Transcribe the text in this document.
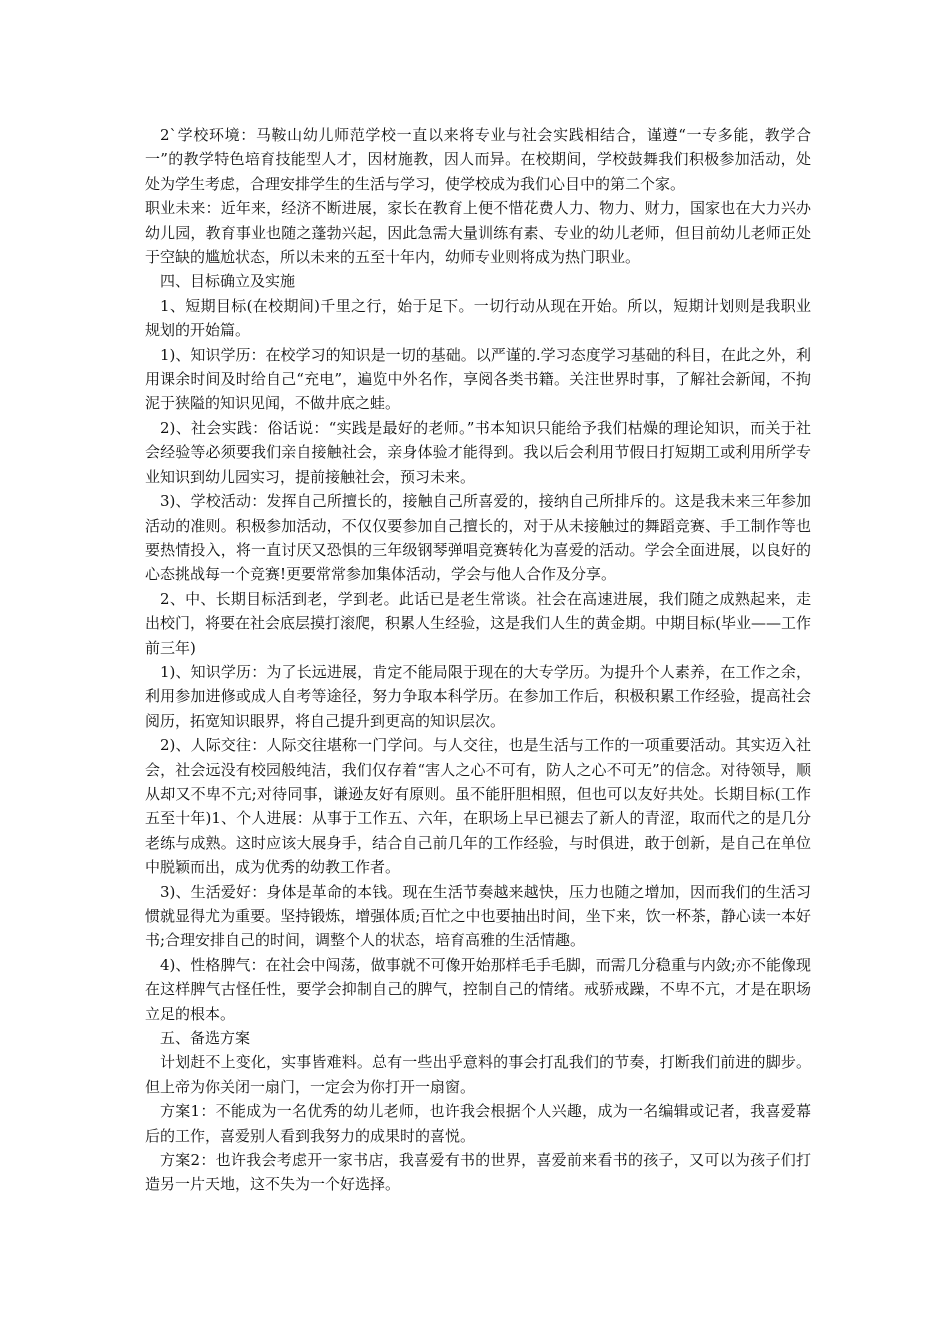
2`学校环境：马鞍山幼儿师范学校一直以来将专业与社会实践相结合，谨遵“一专多能，教学合一”的教学特色培育技能型人才，因材施教，因人而异。在校期间，学校鼓舞我们积极参加活动，处处为学生考虑，合理安排学生的生活与学习，使学校成为我们心目中的第二个家。

职业未来：近年来，经济不断进展，家长在教育上便不惜花费人力、物力、财力，国家也在大力兴办幼儿园，教育事业也随之蓬勃兴起，因此急需大量训练有素、专业的幼儿老师，但目前幼儿老师正处于空缺的尴尬状态，所以未来的五至十年内，幼师专业则将成为热门职业。

四、目标确立及实施

1、短期目标(在校期间)千里之行，始于足下。一切行动从现在开始。所以，短期计划则是我职业规划的开始篇。

1)、知识学历：在校学习的知识是一切的基础。以严谨的.学习态度学习基础的科目，在此之外，利用课余时间及时给自己“充电”，遍览中外名作，享阅各类书籍。关注世界时事，了解社会新闻，不拘泥于狭隘的知识见闻，不做井底之蛙。

2)、社会实践：俗话说：“实践是最好的老师。”书本知识只能给予我们枯燥的理论知识，而关于社会经验等必须要我们亲自接触社会，亲身体验才能得到。我以后会利用节假日打短期工或利用所学专业知识到幼儿园实习，提前接触社会，预习未来。

3)、学校活动：发挥自己所擅长的，接触自己所喜爱的，接纳自己所排斥的。这是我未来三年参加活动的准则。积极参加活动，不仅仅要参加自己擅长的，对于从未接触过的舞蹈竞赛、手工制作等也要热情投入，将一直讨厌又恐惧的三年级钢琴弹唱竞赛转化为喜爱的活动。学会全面进展，以良好的心态挑战每一个竞赛!更要常常参加集体活动，学会与他人合作及分享。

2、中、长期目标活到老，学到老。此话已是老生常谈。社会在高速进展，我们随之成熟起来，走出校门，将要在社会底层摸打滚爬，积累人生经验，这是我们人生的黄金期。中期目标(毕业——工作前三年)

1)、知识学历：为了长远进展，肯定不能局限于现在的大专学历。为提升个人素养，在工作之余，利用参加进修或成人自考等途径，努力争取本科学历。在参加工作后，积极积累工作经验，提高社会阅历，拓宽知识眼界，将自己提升到更高的知识层次。

2)、人际交往：人际交往堪称一门学问。与人交往，也是生活与工作的一项重要活动。其实迈入社会，社会远没有校园般纯洁，我们仅存着“害人之心不可有，防人之心不可无”的信念。对待领导，顺从却又不卑不亢;对待同事，谦逊友好有原则。虽不能肝胆相照，但也可以友好共处。长期目标(工作五至十年)1、个人进展：从事于工作五、六年，在职场上早已褪去了新人的青涩，取而代之的是几分老练与成熟。这时应该大展身手，结合自己前几年的工作经验，与时俱进，敢于创新，是自己在单位中脱颖而出，成为优秀的幼教工作者。

3)、生活爱好：身体是革命的本钱。现在生活节奏越来越快，压力也随之增加，因而我们的生活习惯就显得尤为重要。坚持锻炼，增强体质;百忙之中也要抽出时间，坐下来，饮一杯茶，静心读一本好书;合理安排自己的时间，调整个人的状态，培育高雅的生活情趣。

4)、性格脾气：在社会中闯荡，做事就不可像开始那样毛手毛脚，而需几分稳重与内敛;亦不能像现在这样脾气古怪任性，要学会抑制自己的脾气，控制自己的情绪。戒骄戒躁，不卑不亢，才是在职场立足的根本。

五、备选方案

计划赶不上变化，实事皆难料。总有一些出乎意料的事会打乱我们的节奏，打断我们前进的脚步。但上帝为你关闭一扇门，一定会为你打开一扇窗。

方案1：不能成为一名优秀的幼儿老师，也许我会根据个人兴趣，成为一名编辑或记者，我喜爱幕后的工作，喜爱别人看到我努力的成果时的喜悦。

方案2：也许我会考虑开一家书店，我喜爱有书的世界，喜爱前来看书的孩子，又可以为孩子们打造另一片天地，这不失为一个好选择。
